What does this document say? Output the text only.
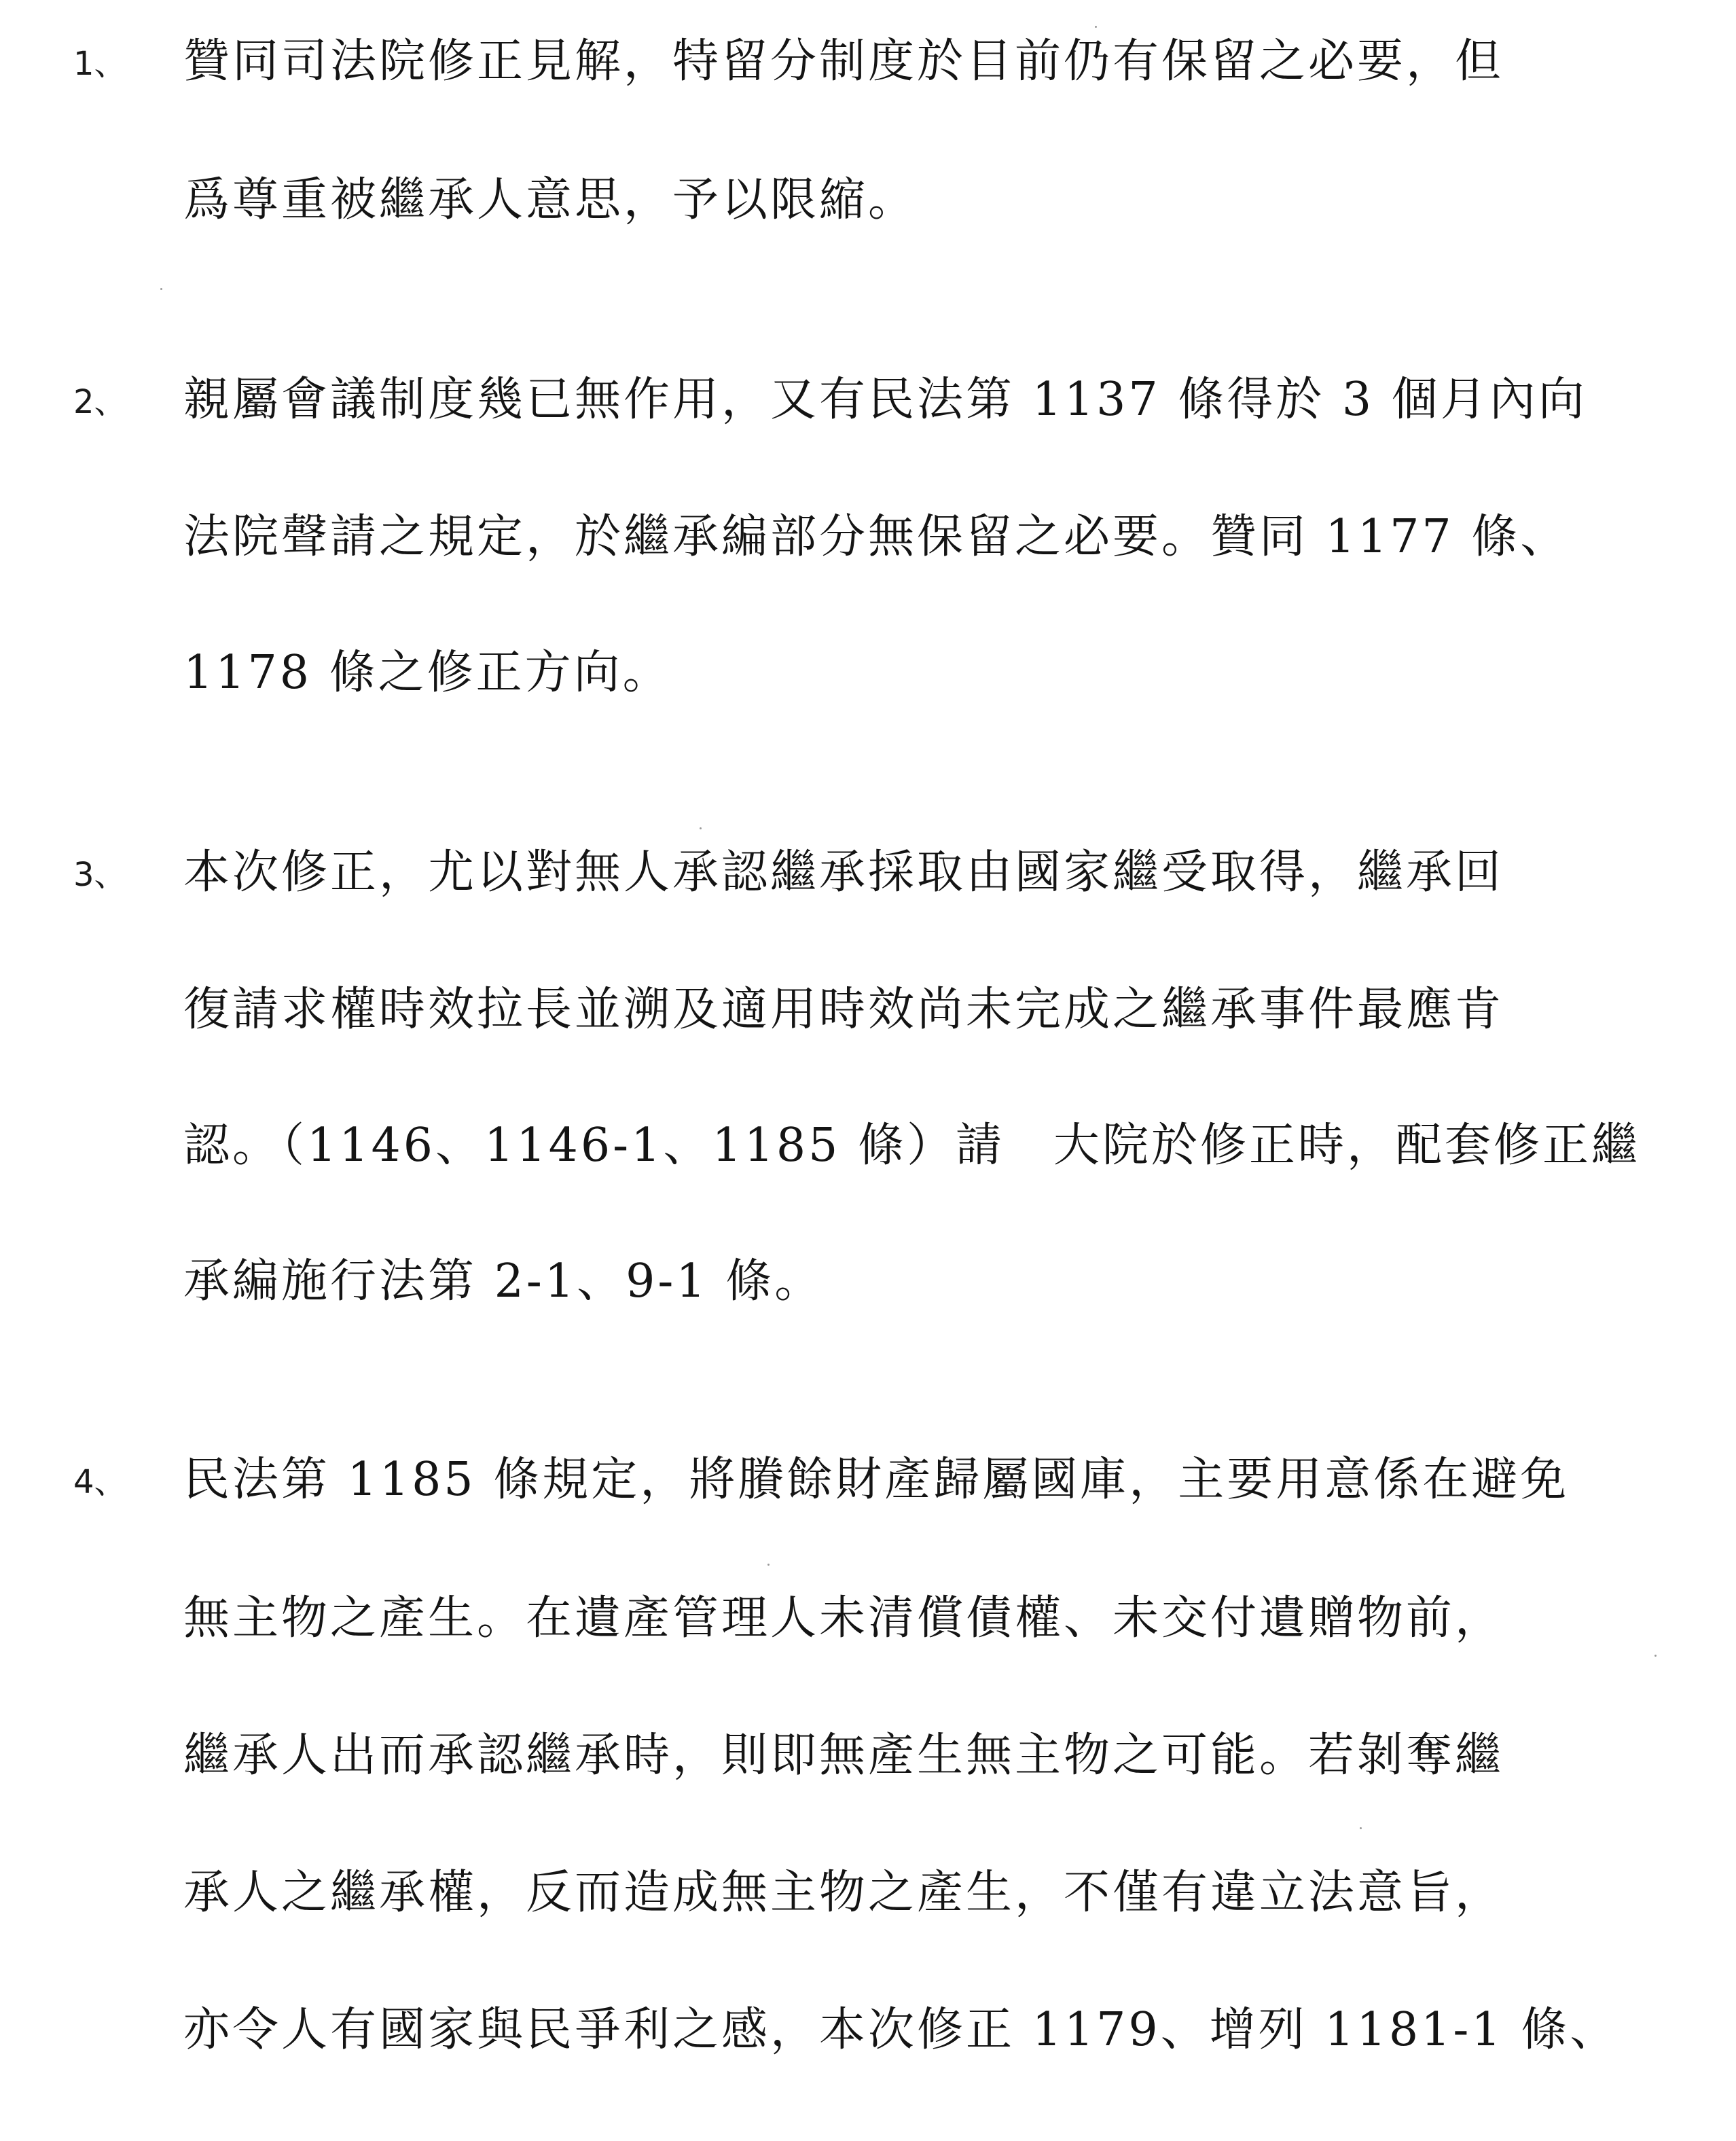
1、 贊同司法院修正見解，特留分制度於目前仍有保留之必要，但
爲尊重被繼承人意思，予以限縮。
2、 親屬會議制度幾已無作用，又有民法第 1137 條得於 3 個月內向
法院聲請之規定，於繼承編部分無保留之必要。贊同 1177 條、
1178 條之修正方向。
3、 本次修正，尤以對無人承認繼承採取由國家繼受取得，繼承回
復請求權時效拉長並溯及適用時效尚未完成之繼承事件最應肯
認。（1146、1146-1、1185 條）請　大院於修正時，配套修正繼
承編施行法第 2-1、9-1 條。
4、 民法第 1185 條規定，將賸餘財產歸屬國庫，主要用意係在避免
無主物之產生。在遺產管理人未清償債權、未交付遺贈物前，
繼承人出而承認繼承時，則即無產生無主物之可能。若剝奪繼
承人之繼承權，反而造成無主物之產生，不僅有違立法意旨，
亦令人有國家與民爭利之感，本次修正 1179、增列 1181-1 條、
